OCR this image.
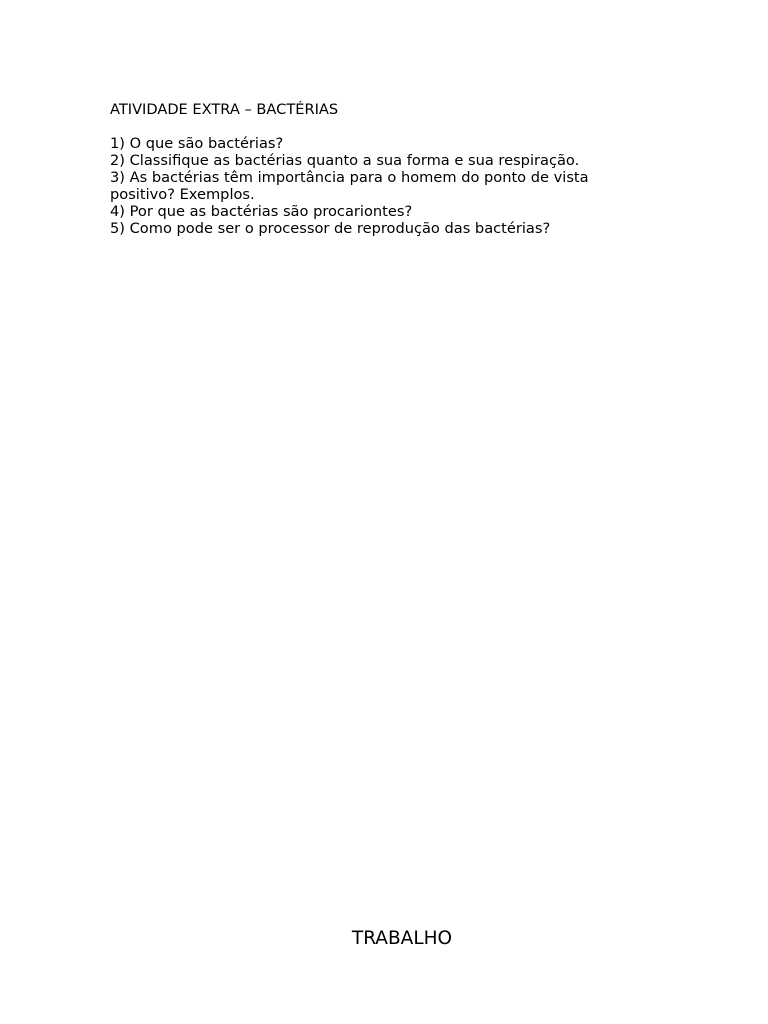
ATIVIDADE EXTRA – BACTÉRIAS
1) O que são bactérias?
2) Classifique as bactérias quanto a sua forma e sua respiração.
3) As bactérias têm importância para o homem do ponto de vista positivo? Exemplos.
4) Por que as bactérias são procariontes?
5) Como pode ser o processor de reprodução das bactérias?
TRABALHO
